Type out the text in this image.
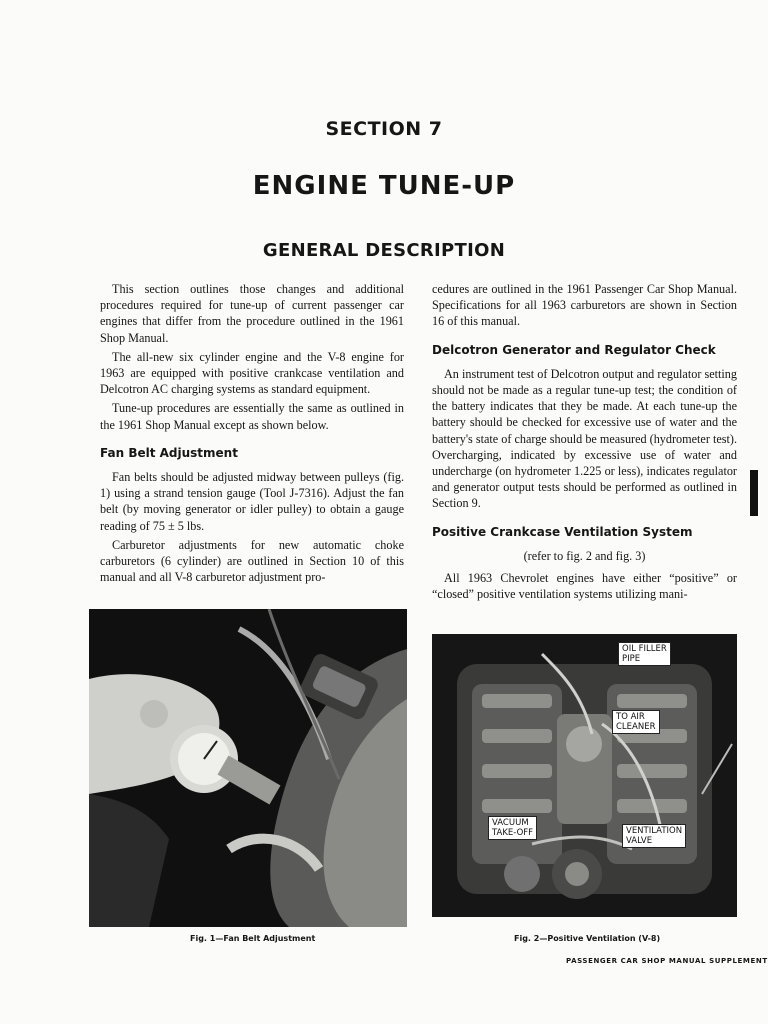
SECTION 7
ENGINE TUNE-UP
GENERAL DESCRIPTION

This section outlines those changes and additional procedures required for tune-up of current passenger car engines that differ from the procedure outlined in the 1961 Shop Manual.

The all-new six cylinder engine and the V-8 engine for 1963 are equipped with positive crankcase ventilation and Delcotron AC charging systems as standard equipment.

Tune-up procedures are essentially the same as outlined in the 1961 Shop Manual except as shown below.

Fan Belt Adjustment

Fan belts should be adjusted midway between pulleys (fig. 1) using a strand tension gauge (Tool J-7316). Adjust the fan belt (by moving generator or idler pulley) to obtain a gauge reading of 75 ± 5 lbs.

Carburetor adjustments for new automatic choke carburetors (6 cylinder) are outlined in Section 10 of this manual and all V-8 carburetor adjustment pro-

cedures are outlined in the 1961 Passenger Car Shop Manual. Specifications for all 1963 carburetors are shown in Section 16 of this manual.

Delcotron Generator and Regulator Check

An instrument test of Delcotron output and regulator setting should not be made as a regular tune-up test; the condition of the battery indicates that they be made. At each tune-up the battery should be checked for excessive use of water and the battery's state of charge should be measured (hydrometer test). Overcharging, indicated by excessive use of water and undercharge (on hydrometer 1.225 or less), indicates regulator and generator output tests should be performed as outlined in Section 9.

Positive Crankcase Ventilation System
(refer to fig. 2 and fig. 3)

All 1963 Chevrolet engines have either “positive” or “closed” positive ventilation systems utilizing mani-

OIL FILLER
PIPE
TO AIR
CLEANER
VACUUM
TAKE-OFF	VENTILATION
VALVE
Fig. 1—Fan Belt Adjustment	Fig. 2—Positive Ventilation (V-8)
PASSENGER CAR SHOP MANUAL SUPPLEMENT
